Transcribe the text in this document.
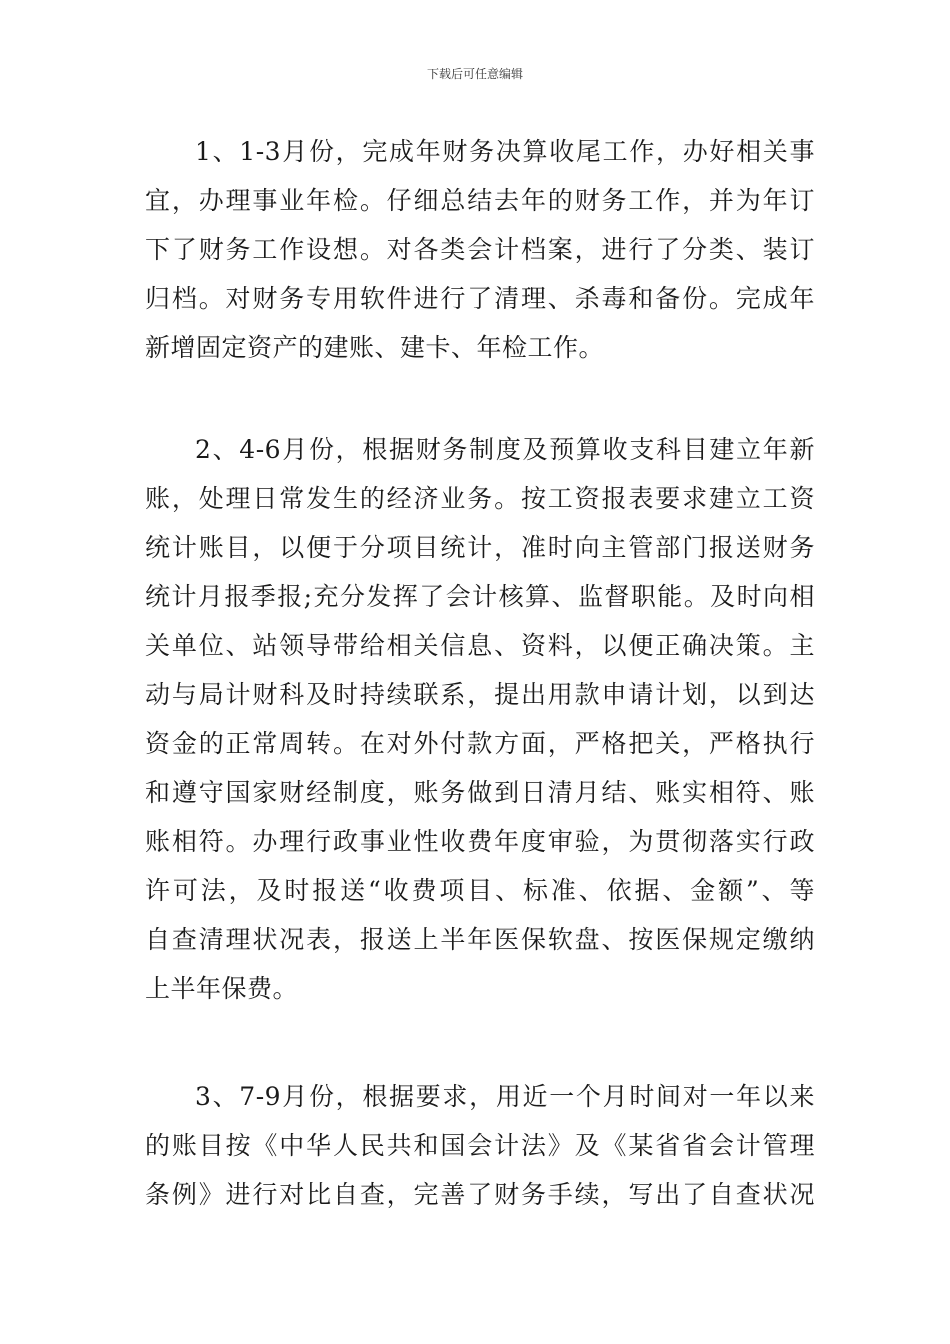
下载后可任意编辑
1、1-3月份，完成年财务决算收尾工作，办好相关事
宜，办理事业年检。仔细总结去年的财务工作，并为年订
下了财务工作设想。对各类会计档案，进行了分类、装订
归档。对财务专用软件进行了清理、杀毒和备份。完成年
新增固定资产的建账、建卡、年检工作。
2、4-6月份，根据财务制度及预算收支科目建立年新
账，处理日常发生的经济业务。按工资报表要求建立工资
统计账目，以便于分项目统计，准时向主管部门报送财务
统计月报季报;充分发挥了会计核算、监督职能。及时向相
关单位、站领导带给相关信息、资料，以便正确决策。主
动与局计财科及时持续联系，提出用款申请计划，以到达
资金的正常周转。在对外付款方面，严格把关，严格执行
和遵守国家财经制度，账务做到日清月结、账实相符、账
账相符。办理行政事业性收费年度审验，为贯彻落实行政
许可法，及时报送“收费项目、标准、依据、金额”、等
自查清理状况表，报送上半年医保软盘、按医保规定缴纳
上半年保费。
3、7-9月份，根据要求，用近一个月时间对一年以来
的账目按《中华人民共和国会计法》及《某省省会计管理
条例》进行对比自查，完善了财务手续，写出了自查状况
